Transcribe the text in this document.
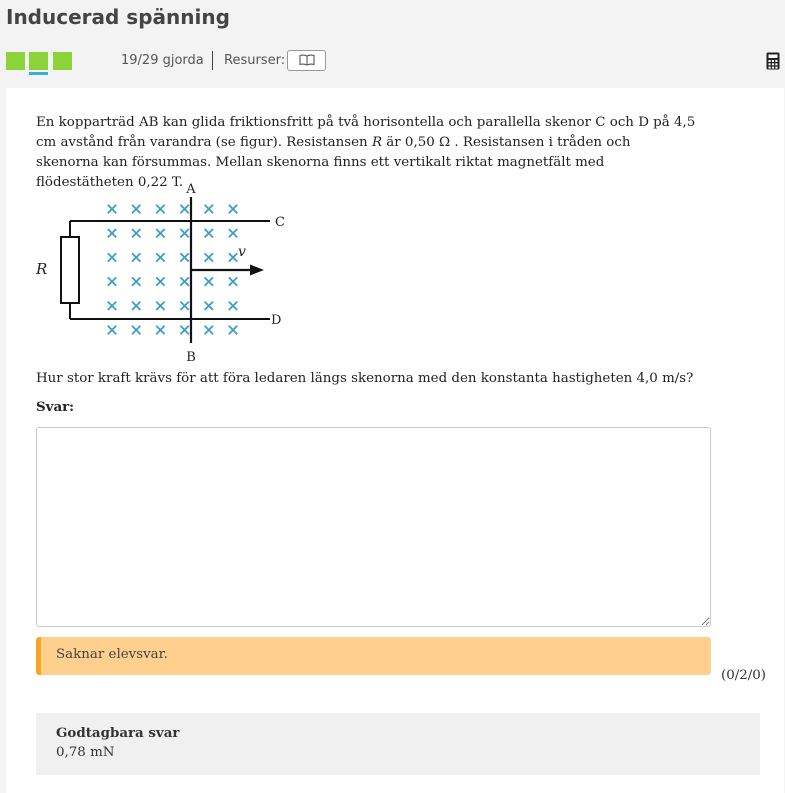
Inducerad spänning
19/29 gjorda Resurser:
En kopparträd AB kan glida friktionsfritt på två horisontella och parallella skenor C och D på 4,5 cm avstånd från varandra (se figur). Resistansen R är 0,50 Ω . Resistansen i tråden och skenorna kan försummas. Mellan skenorna finns ett vertikalt riktat magnetfält med flödestätheten 0,22 T. A
B
C
D
R
v
Hur stor kraft krävs för att föra ledaren längs skenorna med den konstanta hastigheten 4,0 m/s?
Svar:
Saknar elevsvar.
(0/2/0)
Godtagbara svar
0,78 mN
